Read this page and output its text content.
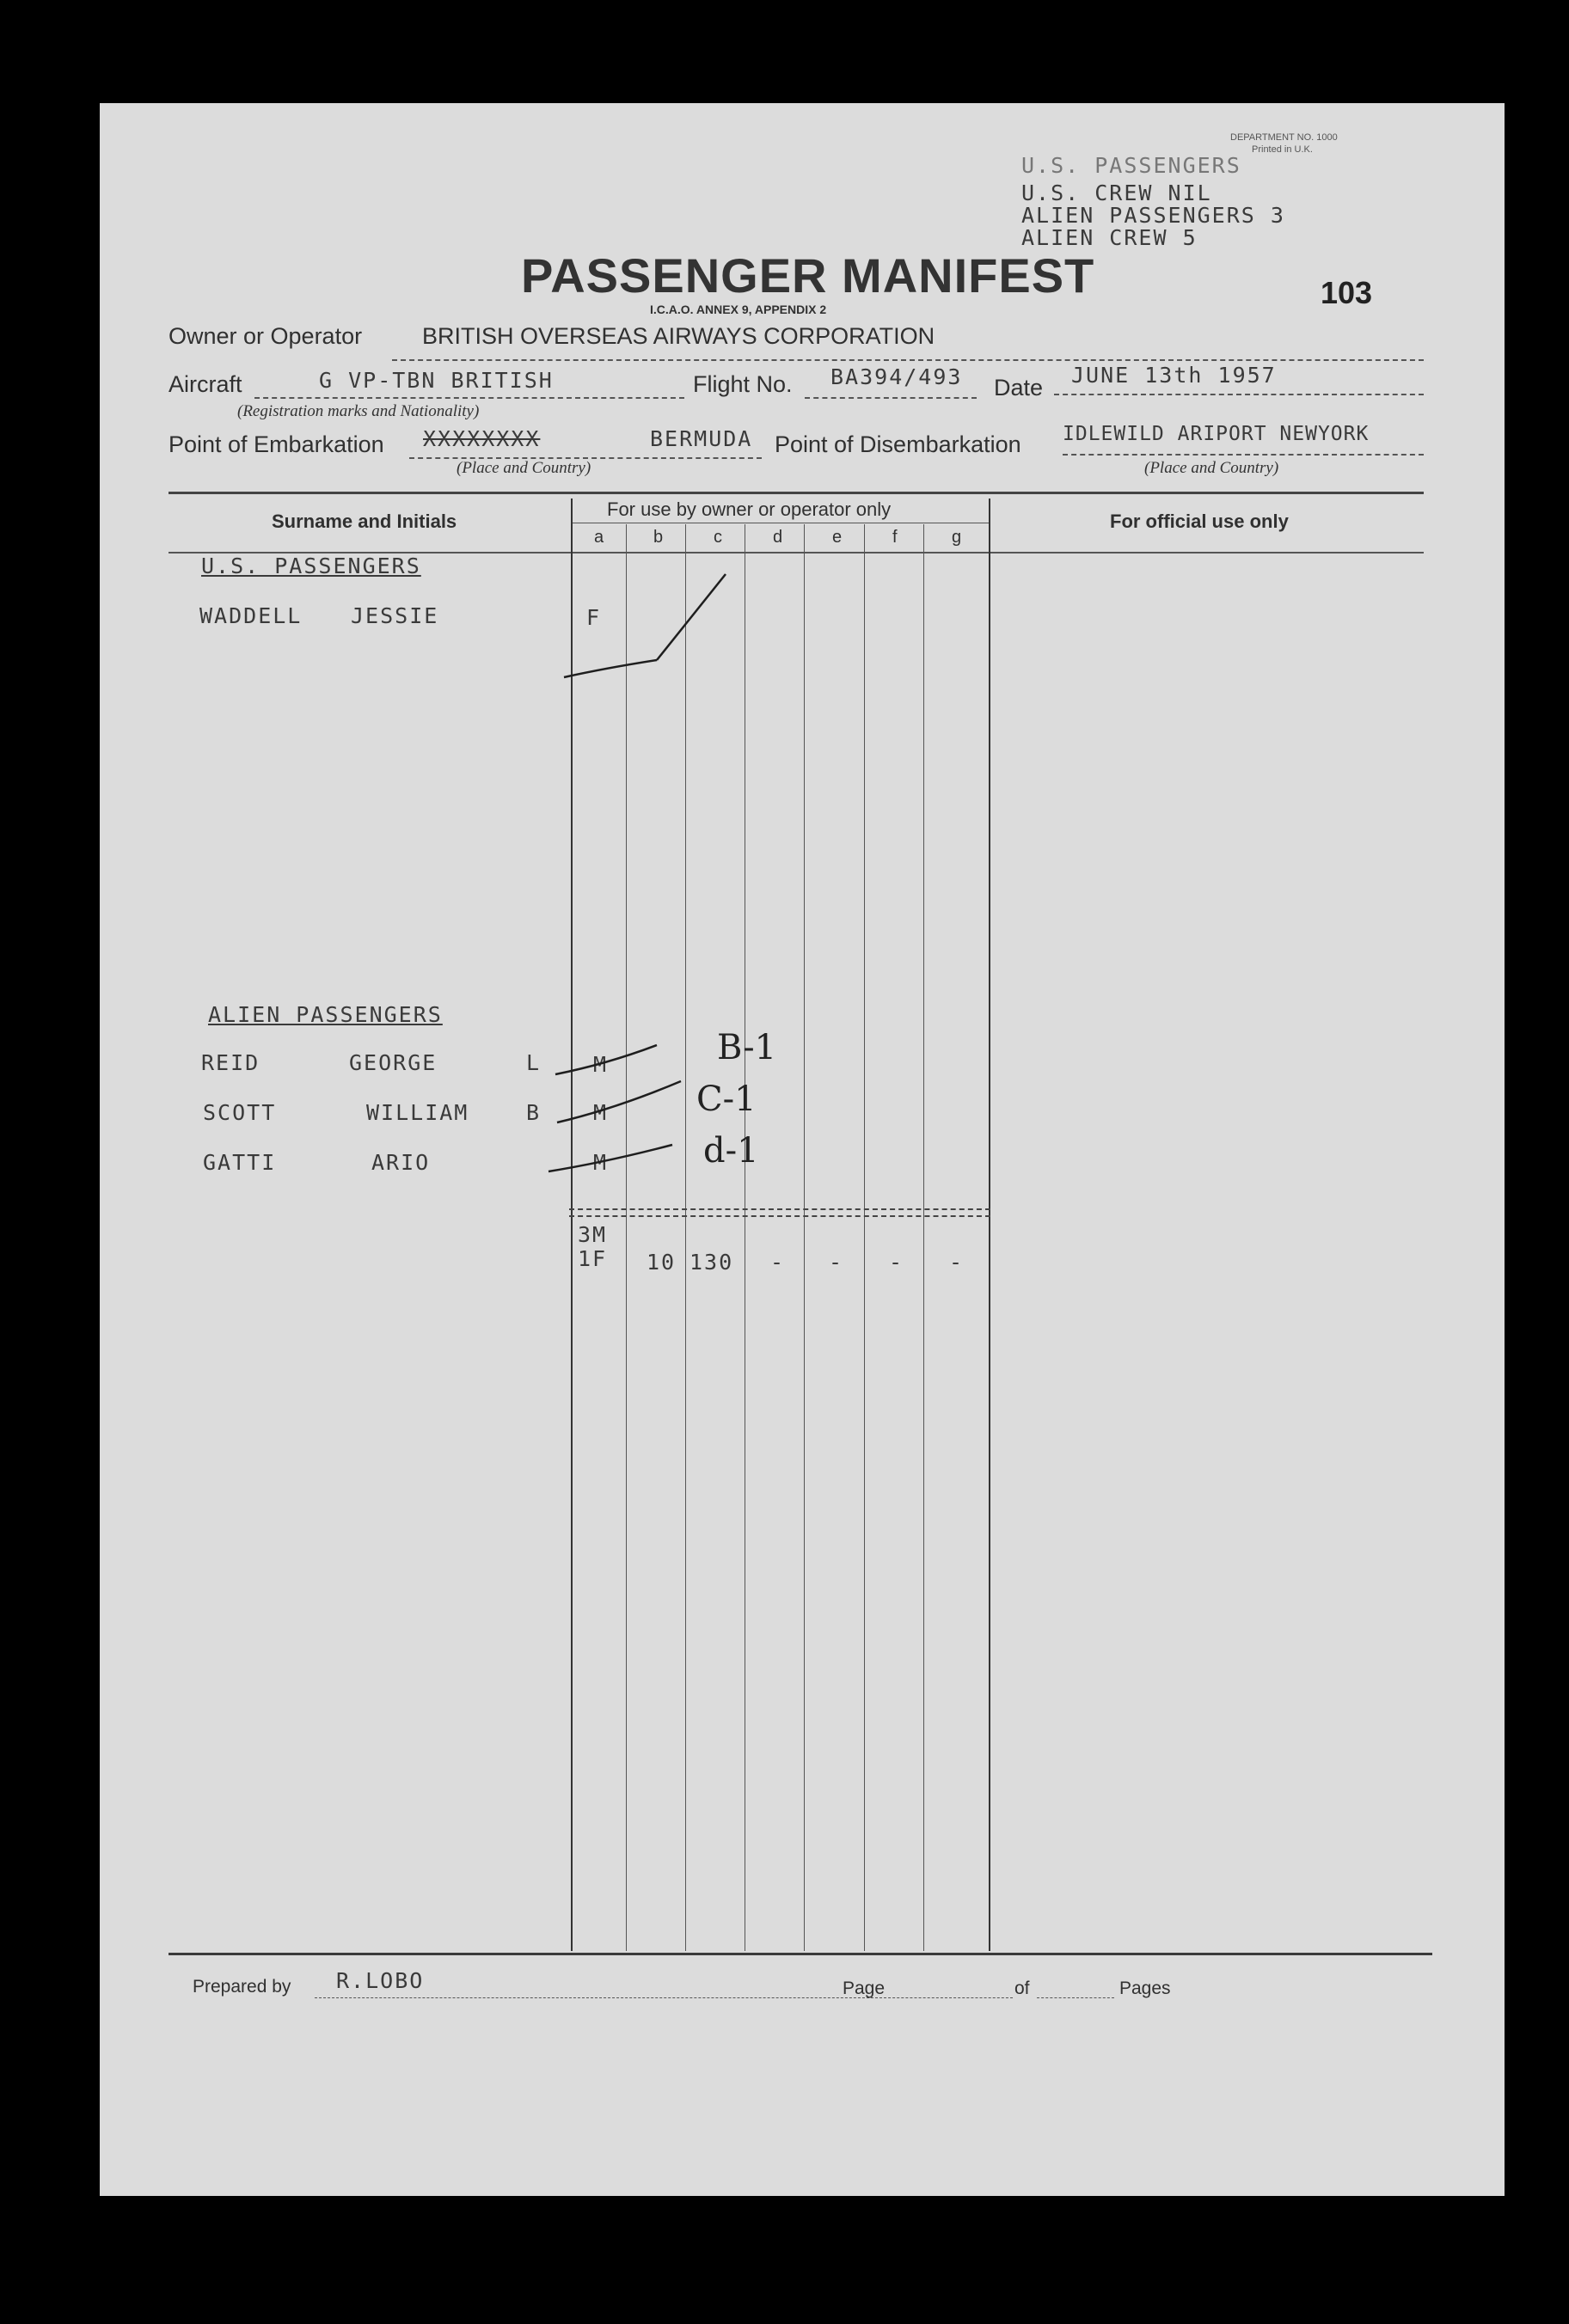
DEPARTMENT NO. 1000
Printed in U.K.
U.S. PASSENGERS
U.S. CREW NIL
ALIEN PASSENGERS 3
ALIEN CREW 5
103
PASSENGER MANIFEST
I.C.A.O. ANNEX 9, APPENDIX 2
Owner or Operator	BRITISH OVERSEAS AIRWAYS CORPORATION
Aircraft	G VP-TBN BRITISH
(Registration marks and Nationality)
Flight No. BA394/493 Date JUNE 13th 1957
Point of Embarkation XXXXXXXX	BERMUDA
(Place and Country)
Point of Disembarkation IDLEWILD ARIPORT NEWYORK
(Place and Country)
Surname and Initials
For use by owner or operator only
For official use only
a	b	c	d	e	f	g
U.S. PASSENGERS
WADDELL JESSIE	F
ALIEN PASSENGERS
REID	GEORGE	L M	B-1
SCOTT	WILLIAM	B M	C-1
GATTI	ARIO	M	d-1
3M
1F 10 130 - - - -
Prepared by R.LOBO	Page	of	Pages
